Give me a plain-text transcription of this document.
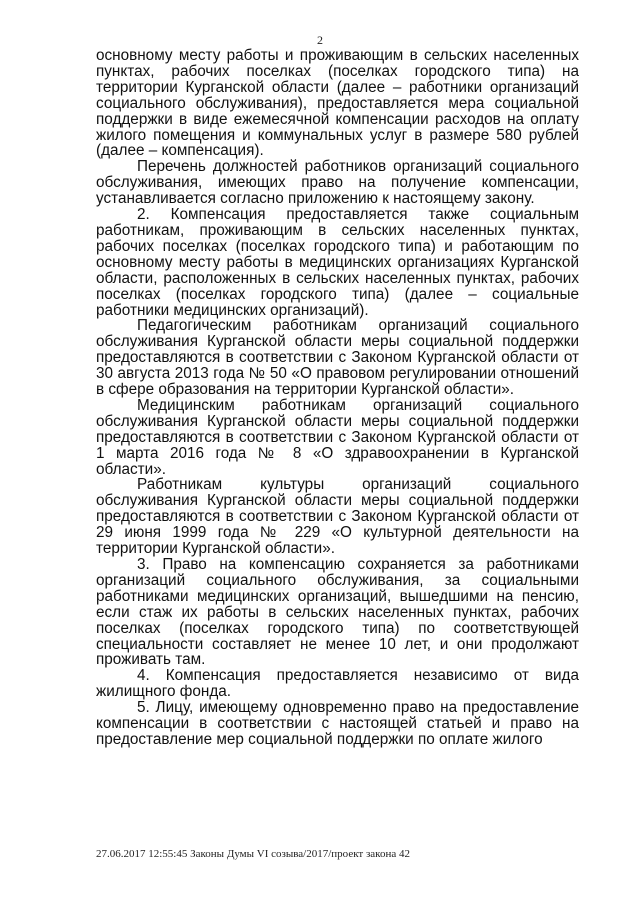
2

основному месту работы и проживающим в сельских населенных пунктах, рабочих поселках (поселках городского типа) на территории Курганской области (далее – работники организаций социального обслуживания), предоставляется мера социальной поддержки в виде ежемесячной компенсации расходов на оплату жилого помещения и коммунальных услуг в размере 580 рублей (далее – компенсация).

Перечень должностей работников организаций социального обслуживания, имеющих право на получение компенсации, устанавливается согласно приложению к настоящему закону.

2. Компенсация предоставляется также социальным работникам, проживающим в сельских населенных пунктах, рабочих поселках (поселках городского типа) и работающим по основному месту работы в медицинских организациях Курганской области, расположенных в сельских населенных пунктах, рабочих поселках (поселках городского типа) (далее – социальные работники медицинских организаций).

Педагогическим работникам организаций социального обслуживания Курганской области меры социальной поддержки предоставляются в соответствии с Законом Курганской области от 30 августа 2013 года № 50 «О правовом регулировании отношений в сфере образования на территории Курганской области».

Медицинским работникам организаций социального обслуживания Курганской области меры социальной поддержки предоставляются в соответствии с Законом Курганской области от 1 марта 2016 года № 8 «О здравоохранении в Курганской области».

Работникам культуры организаций социального обслуживания Курганской области меры социальной поддержки предоставляются в соответствии с Законом Курганской области от 29 июня 1999 года № 229 «О культурной деятельности на территории Курганской области».

3. Право на компенсацию сохраняется за работниками организаций социального обслуживания, за социальными работниками медицинских организаций, вышедшими на пенсию, если стаж их работы в сельских населенных пунктах, рабочих поселках (поселках городского типа) по соответствующей специальности составляет не менее 10 лет, и они продолжают проживать там.

4. Компенсация предоставляется независимо от вида жилищного фонда.

5. Лицу, имеющему одновременно право на предоставление компенсации в соответствии с настоящей статьей и право на предоставление мер социальной поддержки по оплате жилого

27.06.2017 12:55:45 Законы Думы VI созыва/2017/проект закона 42
